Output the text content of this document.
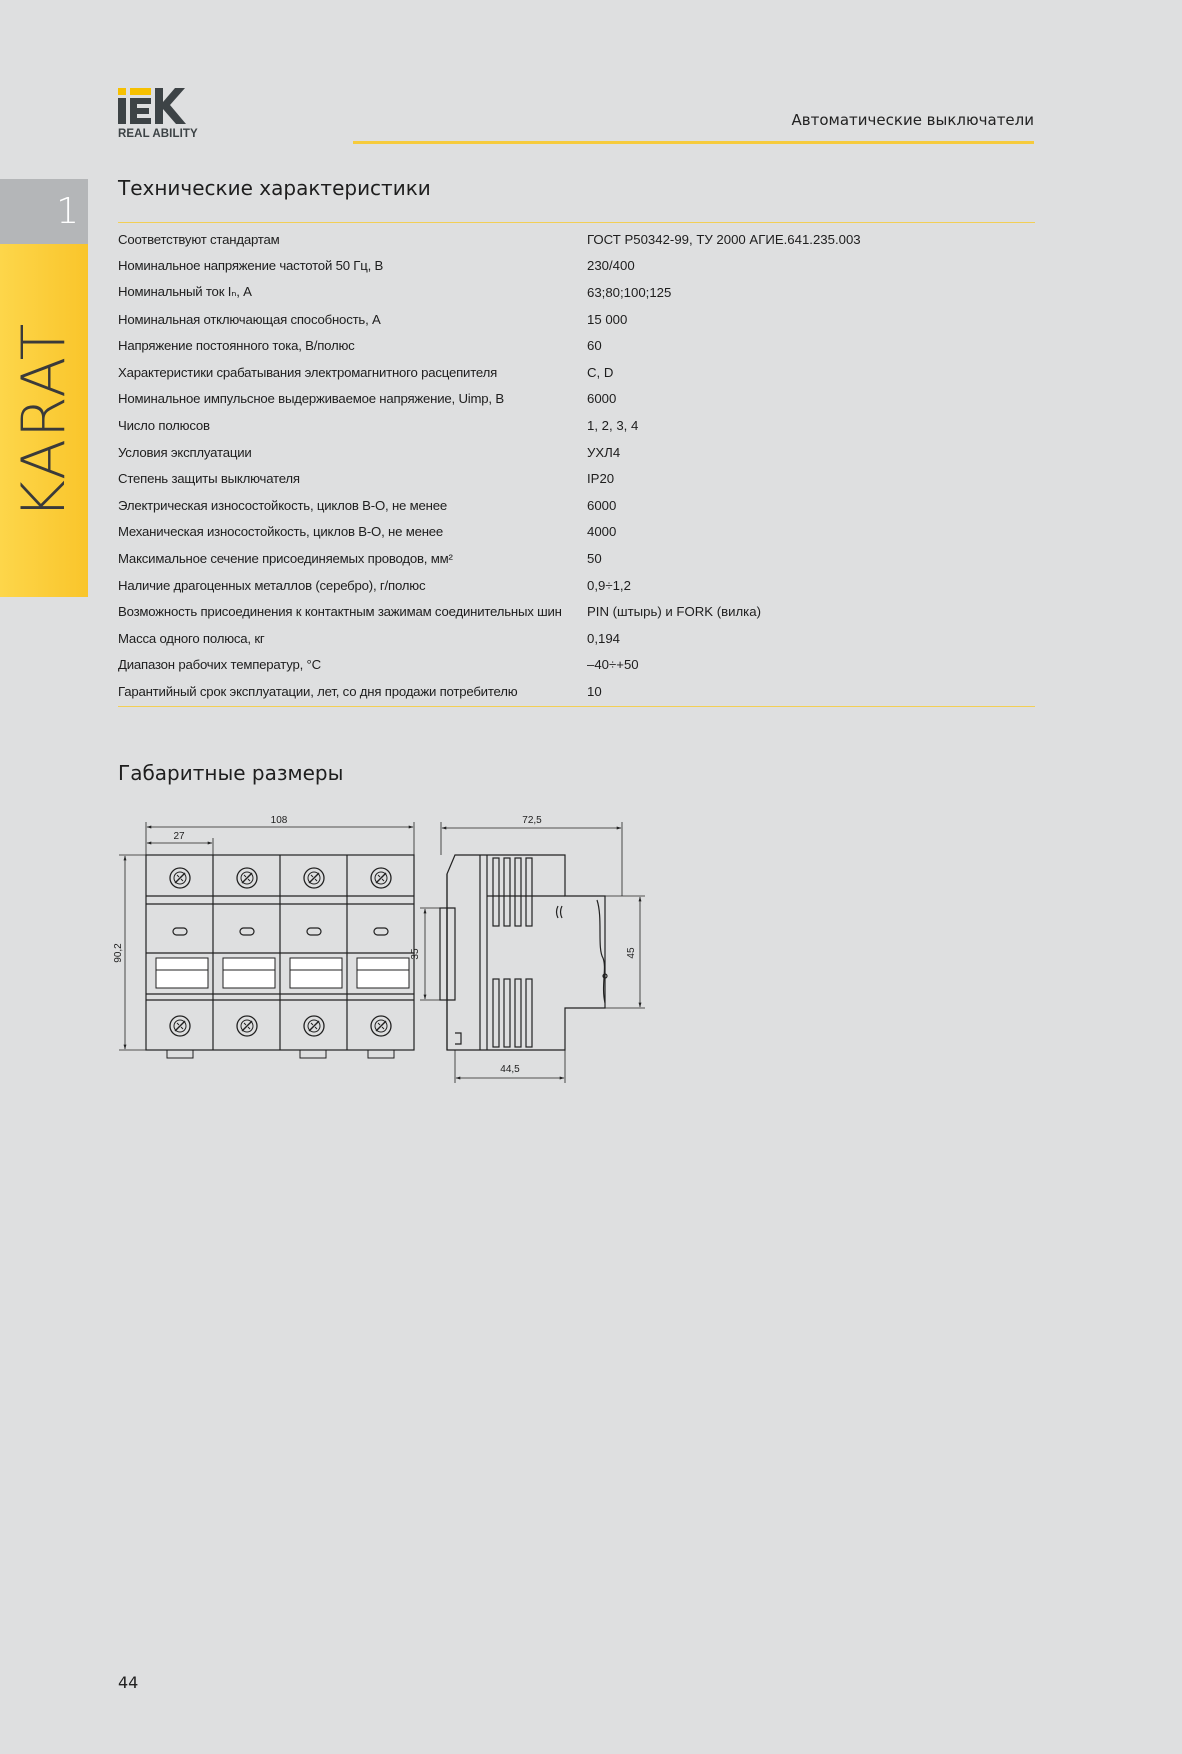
REAL ABILITY
Автоматические выключатели
1
KARAT
Технические характеристики
Соответствуют стандартам	ГОСТ Р50342-99, ТУ 2000 АГИЕ.641.235.003
Номинальное напряжение частотой 50 Гц, В	230/400
Номинальный ток Iₙ, А	63;80;100;125
Номинальная отключающая способность, А	15 000
Напряжение постоянного тока, В/полюс	60
Характеристики срабатывания электромагнитного расцепителя	C, D
Номинальное импульсное выдерживаемое напряжение, Uimp, В	6000
Число полюсов	1, 2, 3, 4
Условия эксплуатации	УХЛ4
Степень защиты выключателя	IP20
Электрическая износостойкость, циклов В-О, не менее	6000
Механическая износостойкость, циклов В-О, не менее	4000
Максимальное сечение присоединяемых проводов, мм²	50
Наличие драгоценных металлов (серебро), г/полюс	0,9÷1,2
Возможность присоединения к контактным зажимам соединительных шин	PIN (штырь) и FORK (вилка)
Масса одного полюса, кг	0,194
Диапазон рабочих температур, °С	–40÷+50
Гарантийный срок эксплуатации, лет, со дня продажи потребителю	10
Габаритные размеры
108
27
90,2
72,5
45
35
44,5
44
